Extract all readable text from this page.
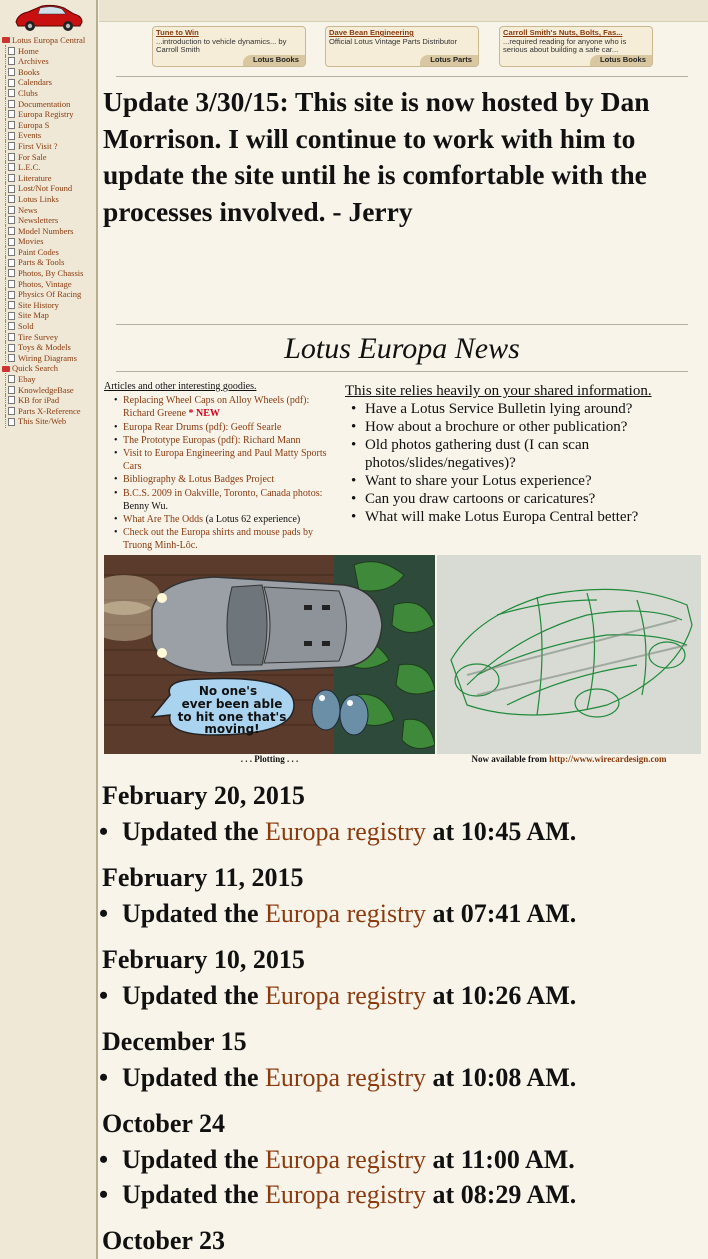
Lotus Europa Central
Home
Archives
Books
Calendars
Clubs
Documentation
Europa Registry
Europa S
Events
First Visit ?
For Sale
L.E.C.
Literature
Lost/Not Found
Lotus Links
News
Newsletters
Model Numbers
Movies
Paint Codes
Parts & Tools
Photos, By Chassis
Photos, Vintage
Physics Of Racing
Site History
Site Map
Sold
Tire Survey
Toys & Models
Wiring Diagrams
Quick Search
Ebay
KnowledgeBase
KB for iPad
Parts X-Reference
This Site/Web
Tune to Win
...introduction to vehicle dynamics... by Carroll Smith
Lotus Books
Dave Bean Engineering
Official Lotus Vintage Parts Distributor
Lotus Parts
Carroll Smith's Nuts, Bolts, Fas...
...required reading for anyone who is serious about building a safe car...
Lotus Books
Update 3/30/15: This site is now hosted by Dan Morrison. I will continue to work with him to update the site until he is comfortable with the processes involved. - Jerry
Lotus Europa News
Articles and other interesting goodies.
• Replacing Wheel Caps on Alloy Wheels (pdf): Richard Greene * NEW
• Europa Rear Drums (pdf): Geoff Searle
• The Prototype Europas (pdf): Richard Mann
• Visit to Europa Engineering and Paul Matty Sports Cars
• Bibliography & Lotus Badges Project
• B.C.S. 2009 in Oakville, Toronto, Canada photos: Benny Wu.
• What Are The Odds (a Lotus 62 experience)
• Check out the Europa shirts and mouse pads by Truong Minh-Lôc.
This site relies heavily on your shared information.
• Have a Lotus Service Bulletin lying around?
• How about a brochure or other publication?
• Old photos gathering dust (I can scan photos/slides/negatives)?
• Want to share your Lotus experience?
• Can you draw cartoons or caricatures?
• What will make Lotus Europa Central better?
No one's
ever been able
to hit one that's
moving!
. . . Plotting . . .	Now available from http://www.wirecardesign.com
February 20, 2015
• Updated the Europa registry at 10:45 AM.
February 11, 2015
• Updated the Europa registry at 07:41 AM.
February 10, 2015
• Updated the Europa registry at 10:26 AM.
December 15
• Updated the Europa registry at 10:08 AM.
October 24
• Updated the Europa registry at 11:00 AM.
• Updated the Europa registry at 08:29 AM.
October 23
